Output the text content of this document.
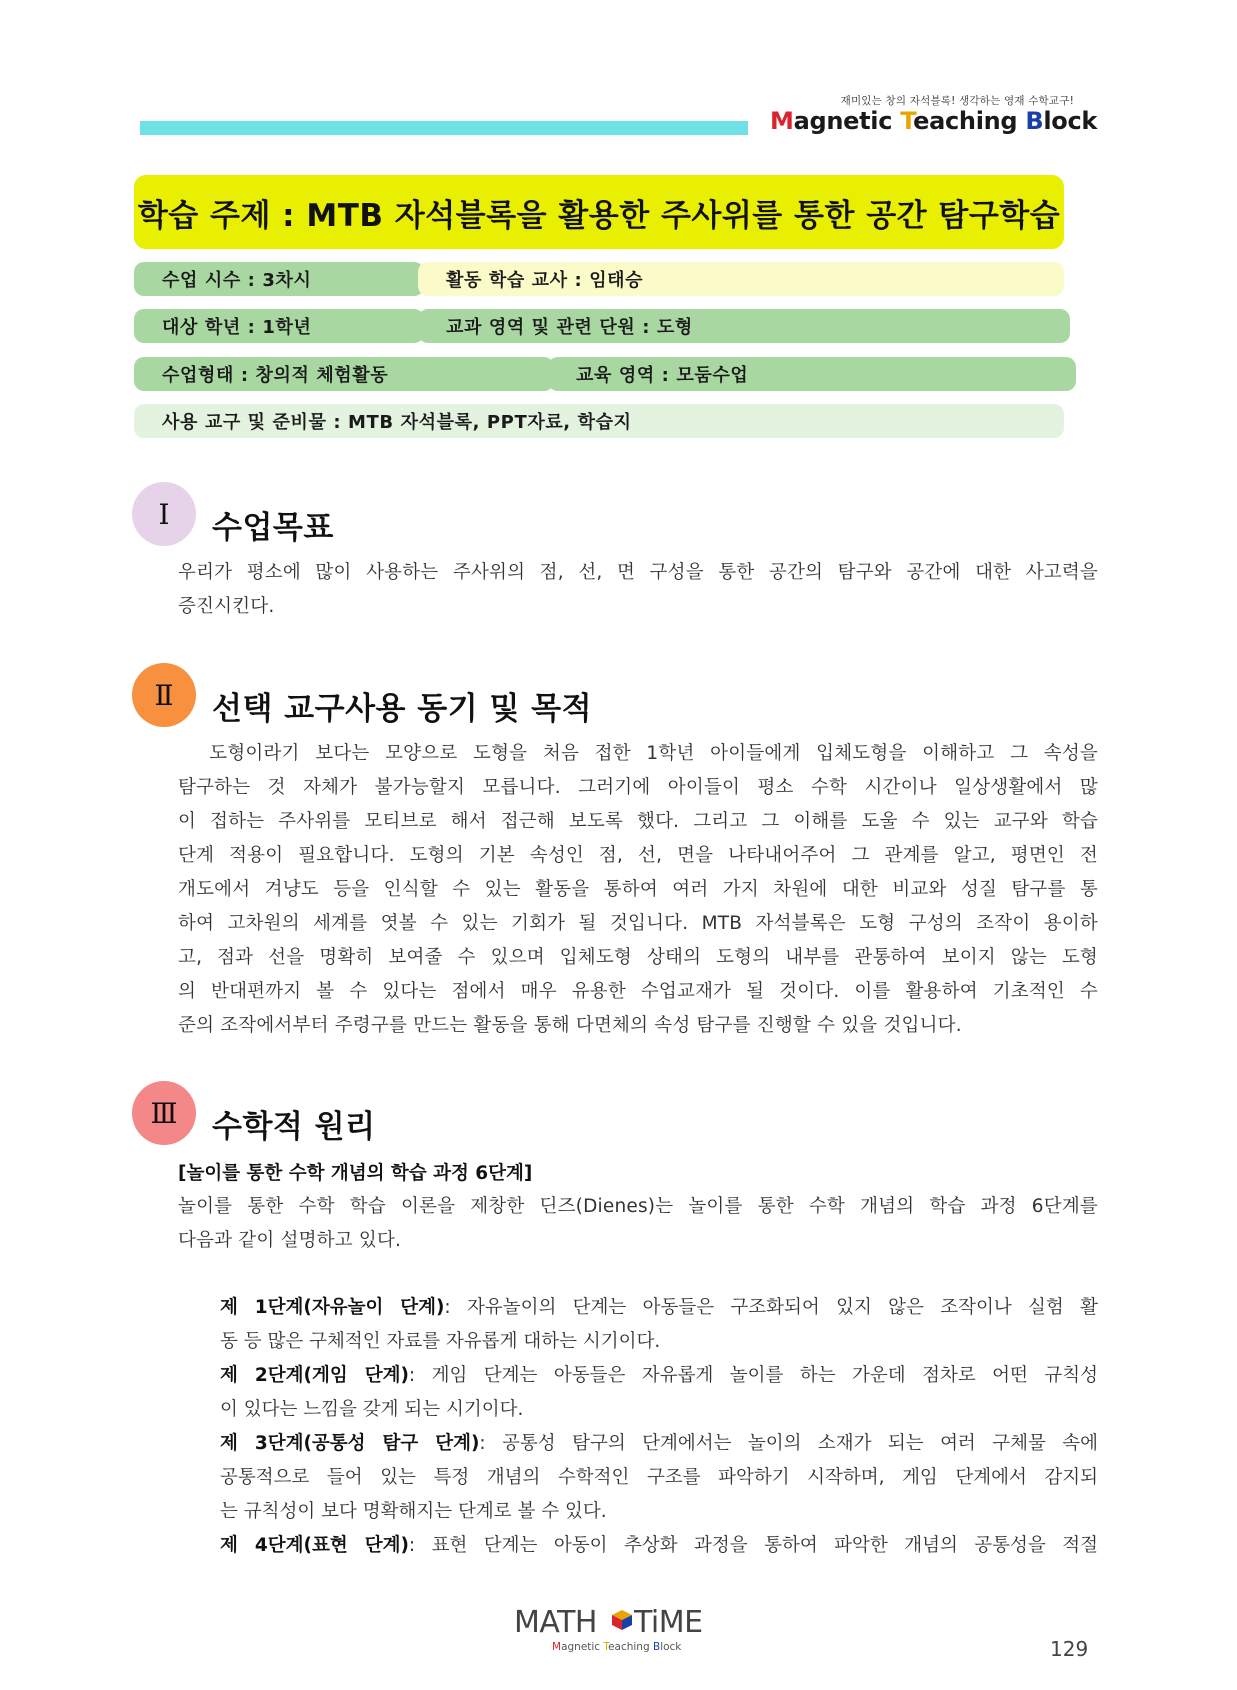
재미있는 창의 자석블록! 생각하는 영재 수학교구!
Magnetic Teaching Block
학습 주제 : MTB 자석블록을 활용한 주사위를 통한 공간 탐구학습
수업 시수 : 3차시	활동 학습 교사 : 임태승
대상 학년 : 1학년	교과 영역 및 관련 단원 : 도형
수업형태 : 창의적 체험활동	교육 영역 : 모둠수업
사용 교구 및 준비물 : MTB 자석블록, PPT자료, 학습지
Ⅰ	수업목표
우리가 평소에 많이 사용하는 주사위의 점, 선, 면 구성을 통한 공간의 탐구와 공간에 대한 사고력을
증진시킨다.
Ⅱ	선택 교구사용 동기 및 목적
도형이라기 보다는 모양으로 도형을 처음 접한 1학년 아이들에게 입체도형을 이해하고 그 속성을
탐구하는 것 자체가 불가능할지 모릅니다. 그러기에 아이들이 평소 수학 시간이나 일상생활에서 많
이 접하는 주사위를 모티브로 해서 접근해 보도록 했다. 그리고 그 이해를 도울 수 있는 교구와 학습
단계 적용이 필요합니다. 도형의 기본 속성인 점, 선, 면을 나타내어주어 그 관계를 알고, 평면인 전
개도에서 겨냥도 등을 인식할 수 있는 활동을 통하여 여러 가지 차원에 대한 비교와 성질 탐구를 통
하여 고차원의 세계를 엿볼 수 있는 기회가 될 것입니다. MTB 자석블록은 도형 구성의 조작이 용이하
고, 점과 선을 명확히 보여줄 수 있으며 입체도형 상태의 도형의 내부를 관통하여 보이지 않는 도형
의 반대편까지 볼 수 있다는 점에서 매우 유용한 수업교재가 될 것이다. 이를 활용하여 기초적인 수
준의 조작에서부터 주령구를 만드는 활동을 통해 다면체의 속성 탐구를 진행할 수 있을 것입니다.
Ⅲ	수학적 원리
[놀이를 통한 수학 개념의 학습 과정 6단계]
놀이를 통한 수학 학습 이론을 제창한 딘즈(Dienes)는 놀이를 통한 수학 개념의 학습 과정 6단계를
다음과 같이 설명하고 있다.
제 1단계(자유놀이 단계): 자유놀이의 단계는 아동들은 구조화되어 있지 않은 조작이나 실험 활
동 등 많은 구체적인 자료를 자유롭게 대하는 시기이다.
제 2단계(게임 단계): 게임 단계는 아동들은 자유롭게 놀이를 하는 가운데 점차로 어떤 규칙성
이 있다는 느낌을 갖게 되는 시기이다.
제 3단계(공통성 탐구 단계): 공통성 탐구의 단계에서는 놀이의 소재가 되는 여러 구체물 속에
공통적으로 들어 있는 특정 개념의 수학적인 구조를 파악하기 시작하며, 게임 단계에서 감지되
는 규칙성이 보다 명확해지는 단계로 볼 수 있다.
제 4단계(표현 단계): 표현 단계는 아동이 추상화 과정을 통하여 파악한 개념의 공통성을 적절
MATH TiME
Magnetic Teaching Block	129
